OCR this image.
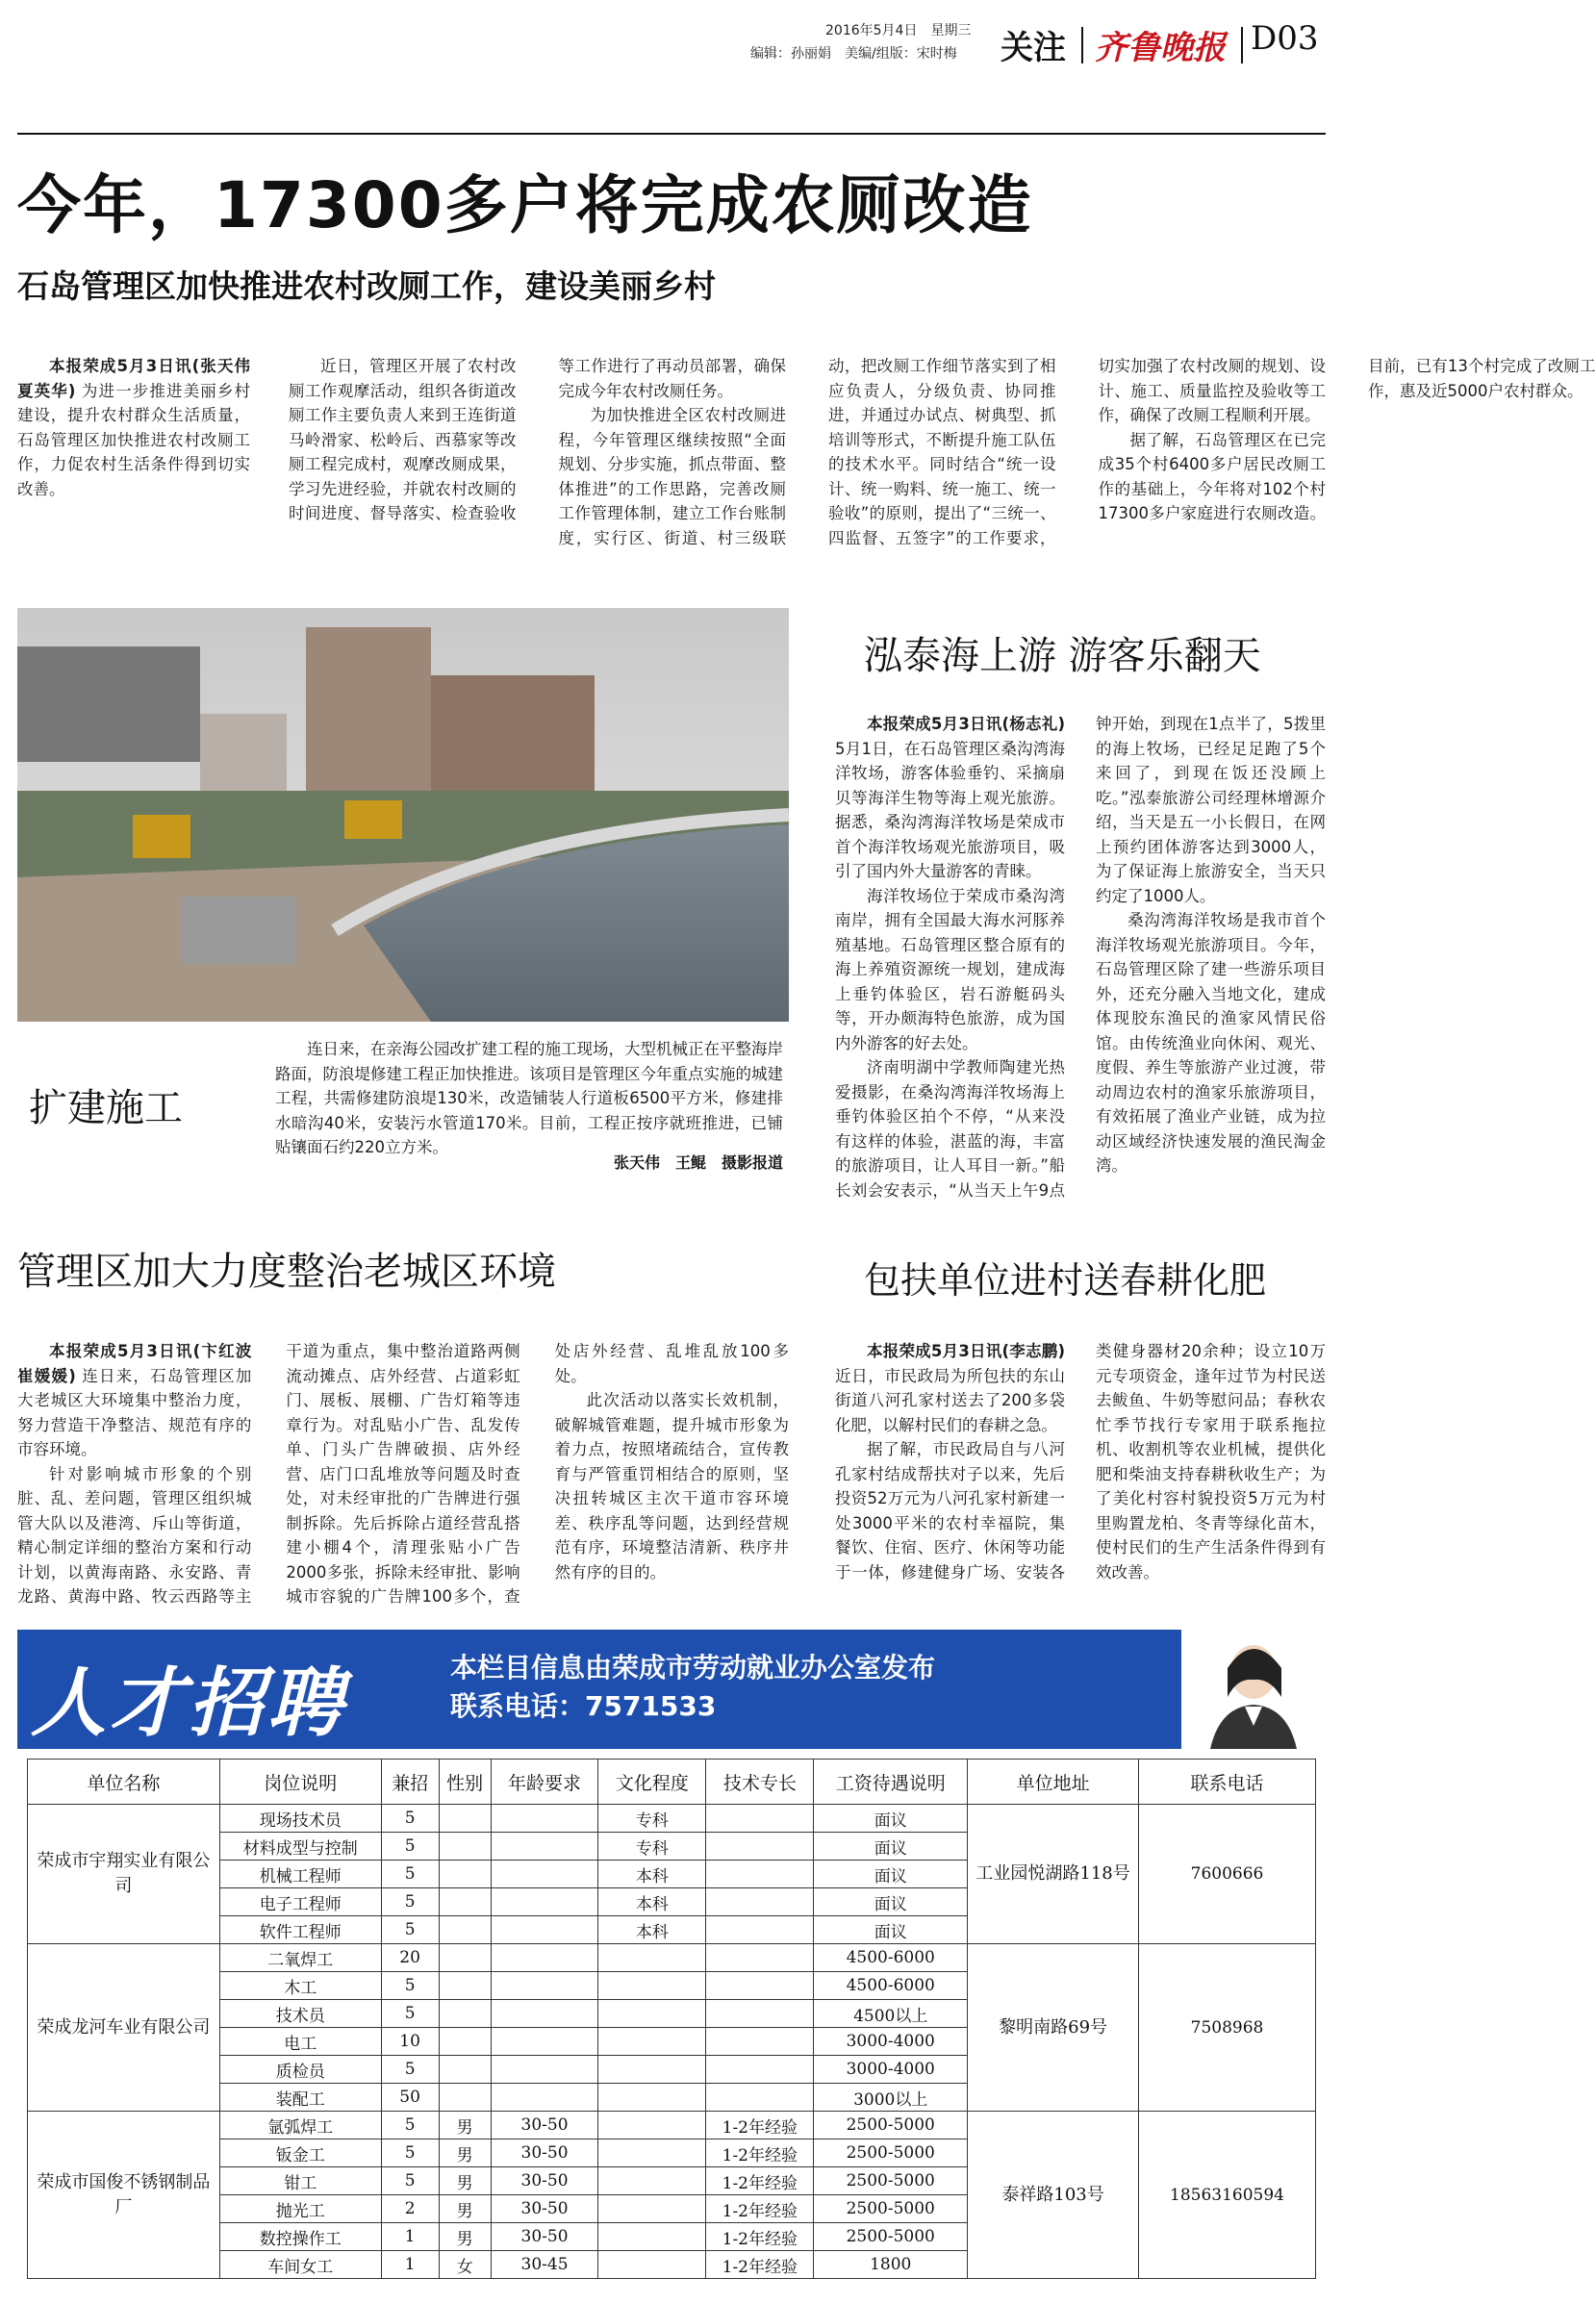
2016年5月4日　 星期三
编辑：孙丽娟　美编/组版：宋时梅 关注 齐鲁晚报 D03
今年，17300多户将完成农厕改造
石岛管理区加快推进农村改厕工作，建设美丽乡村

本报荣成5月3日讯(张天伟　夏英华) 为进一步推进美丽乡村建设，提升农村群众生活质量，石岛管理区加快推进农村改厕工作，力促农村生活条件得到切实改善。

近日，管理区开展了农村改厕工作观摩活动，组织各街道改厕工作主要负责人来到王连街道马岭滑家、松岭后、西慕家等改厕工程完成村，观摩改厕成果，学习先进经验，并就农村改厕的时间进度、督导落实、检查验收等工作进行了再动员部署，确保完成今年农村改厕任务。

为加快推进全区农村改厕进程，今年管理区继续按照“全面规划、分步实施，抓点带面、整体推进”的工作思路，完善改厕工作管理体制，建立工作台账制度，实行区、街道、村三级联动，把改厕工作细节落实到了相应负责人，分级负责、协同推进，并通过办试点、树典型、抓培训等形式，不断提升施工队伍的技术水平。同时结合“统一设计、统一购料、统一施工、统一验收”的原则，提出了“三统一、四监督、五签字”的工作要求，切实加强了农村改厕的规划、设计、施工、质量监控及验收等工作，确保了改厕工程顺利开展。

据了解，石岛管理区在已完成35个村6400多户居民改厕工作的基础上，今年将对102个村17300多户家庭进行农厕改造。目前，已有13个村完成了改厕工作，惠及近5000户农村群众。

扩建施工

连日来，在亲海公园改扩建工程的施工现场，大型机械正在平整海岸路面，防浪堤修建工程正加快推进。该项目是管理区今年重点实施的城建工程，共需修建防浪堤130米，改造铺装人行道板6500平方米，修建排水暗沟40米，安装污水管道170米。目前，工程正按序就班推进，已铺贴镶面石约220立方米。

张天伟　王鲲　摄影报道
泓泰海上游 游客乐翻天

本报荣成5月3日讯(杨志礼) 5月1日，在石岛管理区桑沟湾海洋牧场，游客体验垂钓、采摘扇贝等海洋生物等海上观光旅游。据悉，桑沟湾海洋牧场是荣成市首个海洋牧场观光旅游项目，吸引了国内外大量游客的青睐。

海洋牧场位于荣成市桑沟湾南岸，拥有全国最大海水河豚养殖基地。石岛管理区整合原有的海上养殖资源统一规划，建成海上垂钓体验区，岩石游艇码头等，开办颇海特色旅游，成为国内外游客的好去处。

济南明湖中学教师陶建光热爱摄影，在桑沟湾海洋牧场海上垂钓体验区拍个不停，“从来没有这样的体验，湛蓝的海，丰富的旅游项目，让人耳目一新。”船长刘会安表示，“从当天上午9点钟开始，到现在1点半了，5拨里的海上牧场，已经足足跑了5个来回了，到现在饭还没顾上吃。”泓泰旅游公司经理林增源介绍，当天是五一小长假日，在网上预约团体游客达到3000人，为了保证海上旅游安全，当天只约定了1000人。

桑沟湾海洋牧场是我市首个海洋牧场观光旅游项目。今年，石岛管理区除了建一些游乐项目外，还充分融入当地文化，建成体现胶东渔民的渔家风情民俗馆。由传统渔业向休闲、观光、度假、养生等旅游产业过渡，带动周边农村的渔家乐旅游项目，有效拓展了渔业产业链，成为拉动区域经济快速发展的渔民淘金湾。

管理区加大力度整治老城区环境

本报荣成5月3日讯(卞红波　崔媛媛) 连日来，石岛管理区加大老城区大环境集中整治力度，努力营造干净整洁、规范有序的市容环境。

针对影响城市形象的个别脏、乱、差问题，管理区组织城管大队以及港湾、斥山等街道，精心制定详细的整治方案和行动计划，以黄海南路、永安路、青龙路、黄海中路、牧云西路等主干道为重点，集中整治道路两侧流动摊点、店外经营、占道彩虹门、展板、展棚、广告灯箱等违章行为。对乱贴小广告、乱发传单、门头广告牌破损、店外经营、店门口乱堆放等问题及时查处，对未经审批的广告牌进行强制拆除。先后拆除占道经营乱搭建小棚4个，清理张贴小广告2000多张，拆除未经审批、影响城市容貌的广告牌100多个，查处店外经营、乱堆乱放100多处。

此次活动以落实长效机制，破解城管难题，提升城市形象为着力点，按照堵疏结合，宣传教育与严管重罚相结合的原则，坚决扭转城区主次干道市容环境差、秩序乱等问题，达到经营规范有序，环境整洁清新、秩序井然有序的目的。

包扶单位进村送春耕化肥

本报荣成5月3日讯(李志鹏) 近日，市民政局为所包扶的东山街道八河孔家村送去了200多袋化肥，以解村民们的春耕之急。

据了解，市民政局自与八河孔家村结成帮扶对子以来，先后投资52万元为八河孔家村新建一处3000平米的农村幸福院，集餐饮、住宿、医疗、休闲等功能于一体，修建健身广场、安装各类健身器材20余种；设立10万元专项资金，逢年过节为村民送去鲅鱼、牛奶等慰问品；春秋农忙季节找行专家用于联系拖拉机、收割机等农业机械，提供化肥和柴油支持春耕秋收生产；为了美化村容村貌投资5万元为村里购置龙柏、冬青等绿化苗木，使村民们的生产生活条件得到有效改善。

人才招聘	本栏目信息由荣成市劳动就业办公室发布
联系电话：7571533
单位名称	岗位说明	兼招	性别	年龄要求	文化程度	技术专长	工资待遇说明	单位地址	联系电话
荣成市宇翔实业有限公司	现场技术员	5			专科		面议	工业园悦湖路118号	7600666
	材料成型与控制	5			专科		面议		
	机械工程师	5			本科		面议		
	电子工程师	5			本科		面议		
	软件工程师	5			本科		面议		
荣成龙河车业有限公司	二氧焊工	20					4500-6000	黎明南路69号	7508968
	木工	5					4500-6000		
	技术员	5					4500以上		
	电工	10					3000-4000		
	质检员	5					3000-4000		
	装配工	50					3000以上		
荣成市国俊不锈钢制品厂	氩弧焊工	5	男	30-50		1-2年经验	2500-5000	泰祥路103号	18563160594
	钣金工	5	男	30-50		1-2年经验	2500-5000		
	钳工	5	男	30-50		1-2年经验	2500-5000		
	抛光工	2	男	30-50		1-2年经验	2500-5000		
	数控操作工	1	男	30-50		1-2年经验	2500-5000		
	车间女工	1	女	30-45		1-2年经验	1800		
